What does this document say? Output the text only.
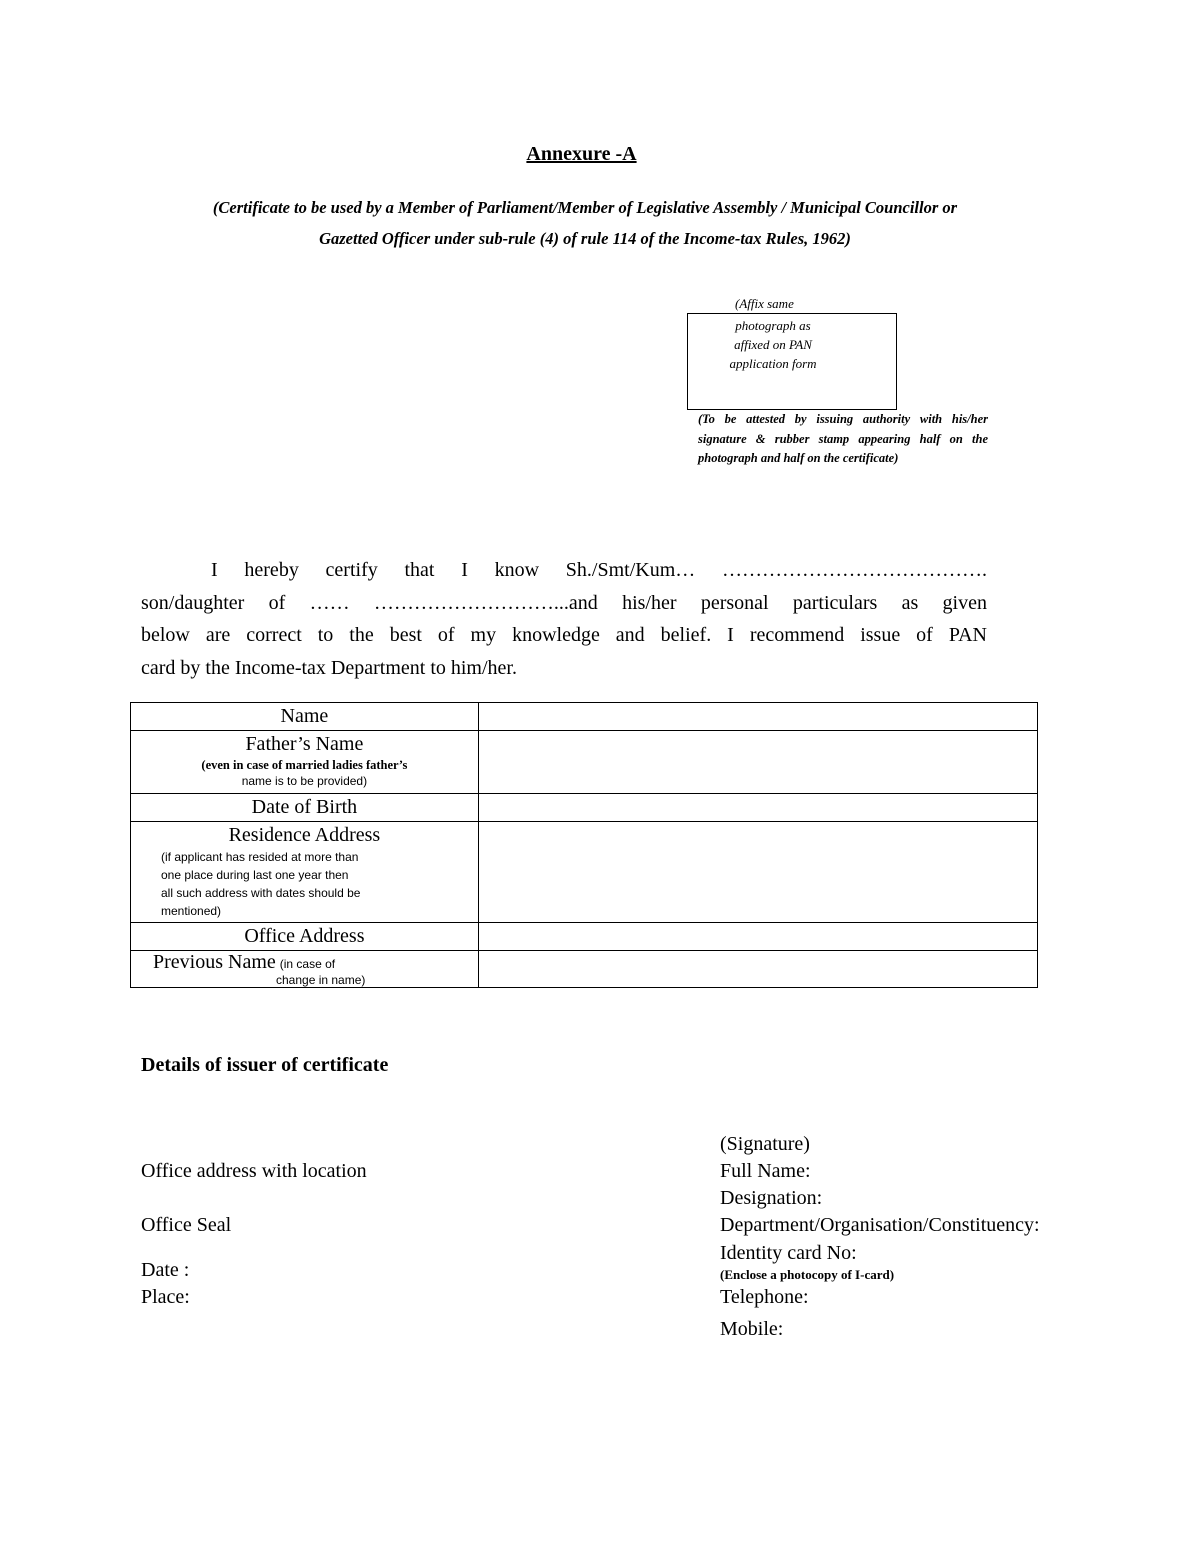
Annexure -A
(Certificate to be used by a Member of Parliament/Member of Legislative Assembly / Municipal Councillor or
Gazetted Officer under sub-rule (4) of rule 114 of the Income-tax Rules, 1962)
(Affix same
photograph as
affixed on PAN
application form
(To be attested by issuing authority with his/her signature & rubber stamp appearing half on the photograph and half on the certificate)
I hereby certify that I know Sh./Smt/Kum… ………………………………….
son/daughter of …… ………………………...and his/her personal particulars as given
below are correct to the best of my knowledge and belief. I recommend issue of PAN
card by the Income-tax Department to him/her.
Name	

Father’s Name
(even in case of married ladies father’s
name is to be provided)	

Date of Birth	

Residence Address
(if applicant has resided at more than
one place during last one year then
all such address with dates should be
mentioned)	

Office Address	

Previous Name (in case of
change in name)	

Details of issuer of certificate
Office address with location
Office Seal
Date :
Place:
(Signature)
Full Name:
Designation:
Department/Organisation/Constituency:
Identity card No:
(Enclose a photocopy of I-card)
Telephone:
Mobile:
